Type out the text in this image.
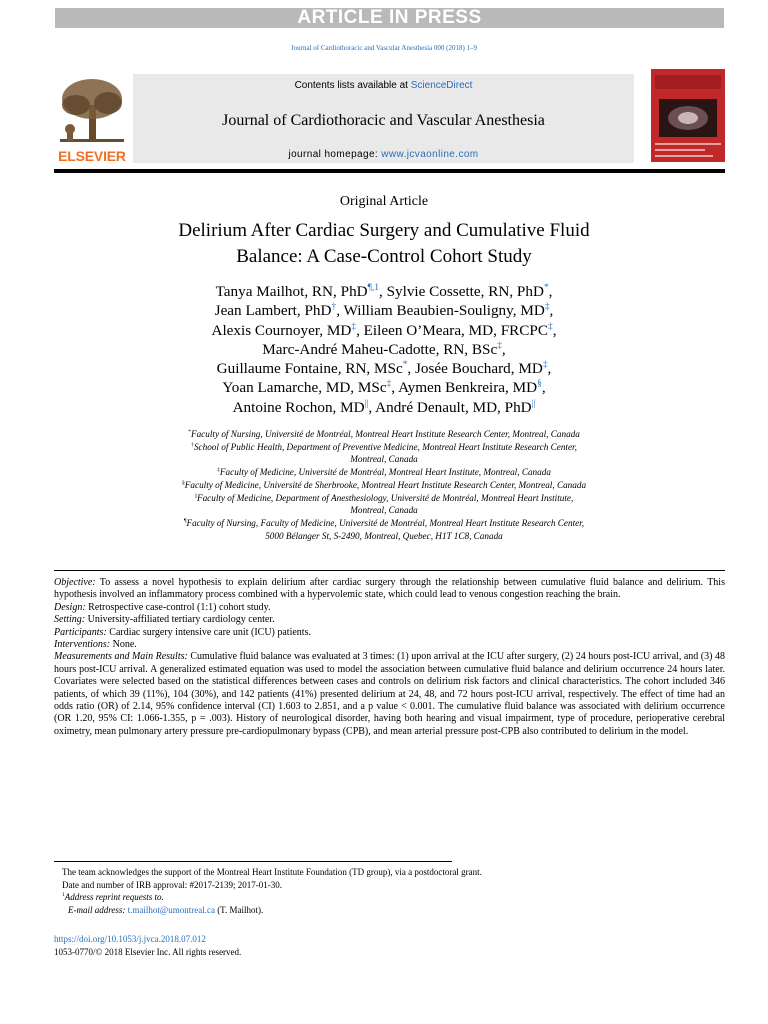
ARTICLE IN PRESS
Journal of Cardiothoracic and Vascular Anesthesia 000 (2018) 1–9
ELSEVIER
Contents lists available at ScienceDirect
Journal of Cardiothoracic and Vascular Anesthesia
journal homepage: www.jcvaonline.com
Original Article
Delirium After Cardiac Surgery and Cumulative Fluid
Balance: A Case-Control Cohort Study
Tanya Mailhot, RN, PhD$^{\P,1}$, Sylvie Cossette, RN, PhD*,
Jean Lambert, PhD†, William Beaubien-Souligny, MD‡,
Alexis Cournoyer, MD‡, Eileen O’Meara, MD, FRCPC‡,
Marc-André Maheu-Cadotte, RN, BSc‡,
Guillaume Fontaine, RN, MSc*, Josée Bouchard, MD‡,
Yoan Lamarche, MD, MSc‡, Aymen Benkreira, MD§,
Antoine Rochon, MD||, André Denault, MD, PhD||
*Faculty of Nursing, Université de Montréal, Montreal Heart Institute Research Center, Montreal, Canada
†School of Public Health, Department of Preventive Medicine, Montreal Heart Institute Research Center,
Montreal, Canada
‡Faculty of Medicine, Université de Montréal, Montreal Heart Institute, Montreal, Canada
§Faculty of Medicine, Université de Sherbrooke, Montreal Heart Institute Research Center, Montreal, Canada
||Faculty of Medicine, Department of Anesthesiology, Université de Montréal, Montreal Heart Institute,
Montreal, Canada
¶Faculty of Nursing, Faculty of Medicine, Université de Montréal, Montreal Heart Institute Research Center,
5000 Bélanger St, S-2490, Montreal, Quebec, H1T 1C8, Canada

Objective: To assess a novel hypothesis to explain delirium after cardiac surgery through the relationship between cumulative fluid balance and delirium. This hypothesis involved an inflammatory process combined with a hypervolemic state, which could lead to venous congestion reaching the brain.

Design: Retrospective case-control (1:1) cohort study.

Setting: University-affiliated tertiary cardiology center.

Participants: Cardiac surgery intensive care unit (ICU) patients.

Interventions: None.

Measurements and Main Results: Cumulative fluid balance was evaluated at 3 times: (1) upon arrival at the ICU after surgery, (2) 24 hours post-ICU arrival, and (3) 48 hours post-ICU arrival. A generalized estimated equation was used to model the association between cumulative fluid balance and delirium occurrence 24 hours later. Covariates were selected based on the statistical differences between cases and controls on delirium risk factors and clinical characteristics. The cohort included 346 patients, of which 39 (11%), 104 (30%), and 142 patients (41%) presented delirium at 24, 48, and 72 hours post-ICU arrival, respectively. The effect of time had an odds ratio (OR) of 2.14, 95% confidence interval (CI) 1.603 to 2.851, and a p value < 0.001. The cumulative fluid balance was associated with delirium occurrence (OR 1.20, 95% CI: 1.066-1.355, p = .003). History of neurological disorder, having both hearing and visual impairment, type of procedure, perioperative cerebral oximetry, mean pulmonary artery pressure pre-cardiopulmonary bypass (CPB), and mean arterial pressure post-CPB also contributed to delirium in the model.

The team acknowledges the support of the Montreal Heart Institute Foundation (TD group), via a postdoctoral grant.

Date and number of IRB approval: #2017-2139; 2017-01-30.

$^1$Address reprint requests to.

E-mail address: t.mailhot@umontreal.ca (T. Mailhot).

https://doi.org/10.1053/j.jvca.2018.07.012
1053-0770/© 2018 Elsevier Inc. All rights reserved.
